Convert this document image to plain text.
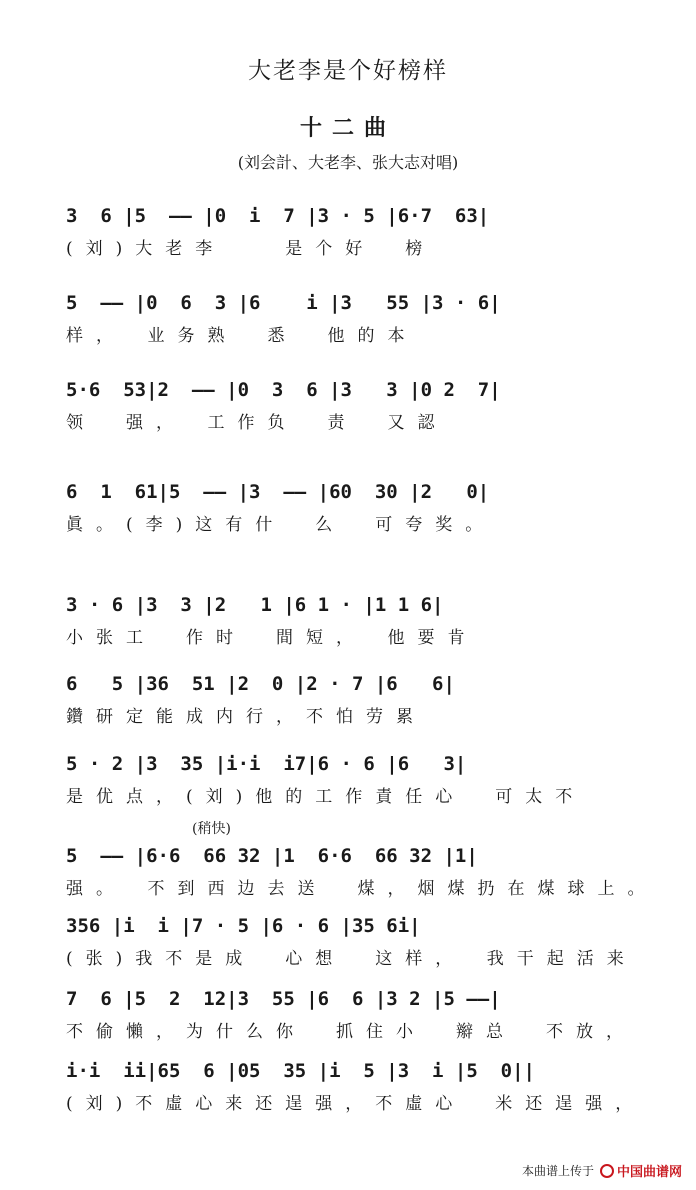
大老李是个好榜样
十二曲
(刘会計、大老李、张大志对唱)
3  6 |5  —— |0  i  7 |3 · 5 |6·7  63|
(刘)大老李　　是个好　榜
5  —— |0  6  3 |6    i |3   55 |3 · 6|
样，　业务熟　悉　他的本
5·6  53|2  —— |0  3  6 |3   3 |0 2  7|
领　强，　工作负　责　又認
6  1  61|5  —— |3  —— |60  30 |2   0|
眞。(李)这有什　么　可夸奖。
3 · 6 |3  3 |2   1 |6 1 · |1 1 6|
小张工　作时　間短，　他要肯
6   5 |36  51 |2  0 |2 · 7 |6   6|
鑽研定能成内行，不怕劳累
5 · 2 |3  35 |i·i  i7|6 · 6 |6   3|
是优点，(刘)他的工作責任心　可太不
(稍快)
5  —— |6·6  66 32 |1  6·6  66 32 |1|
强。　不到西边去送　煤，烟煤扔在煤球上。
356 |i  i |7 · 5 |6 · 6 |35 6i|
(张)我不是成　心想　这样，　我干起活来
7  6 |5  2  12|3  55 |6  6 |3 2 |5 ——|
不偷懶，为什么你　抓住小　辮总　不放，
i·i  ii|65  6 |05  35 |i  5 |3  i |5  0||
(刘)不虛心来还逞强，不虛心　米还逞强，
本曲谱上传于 中国曲谱网
